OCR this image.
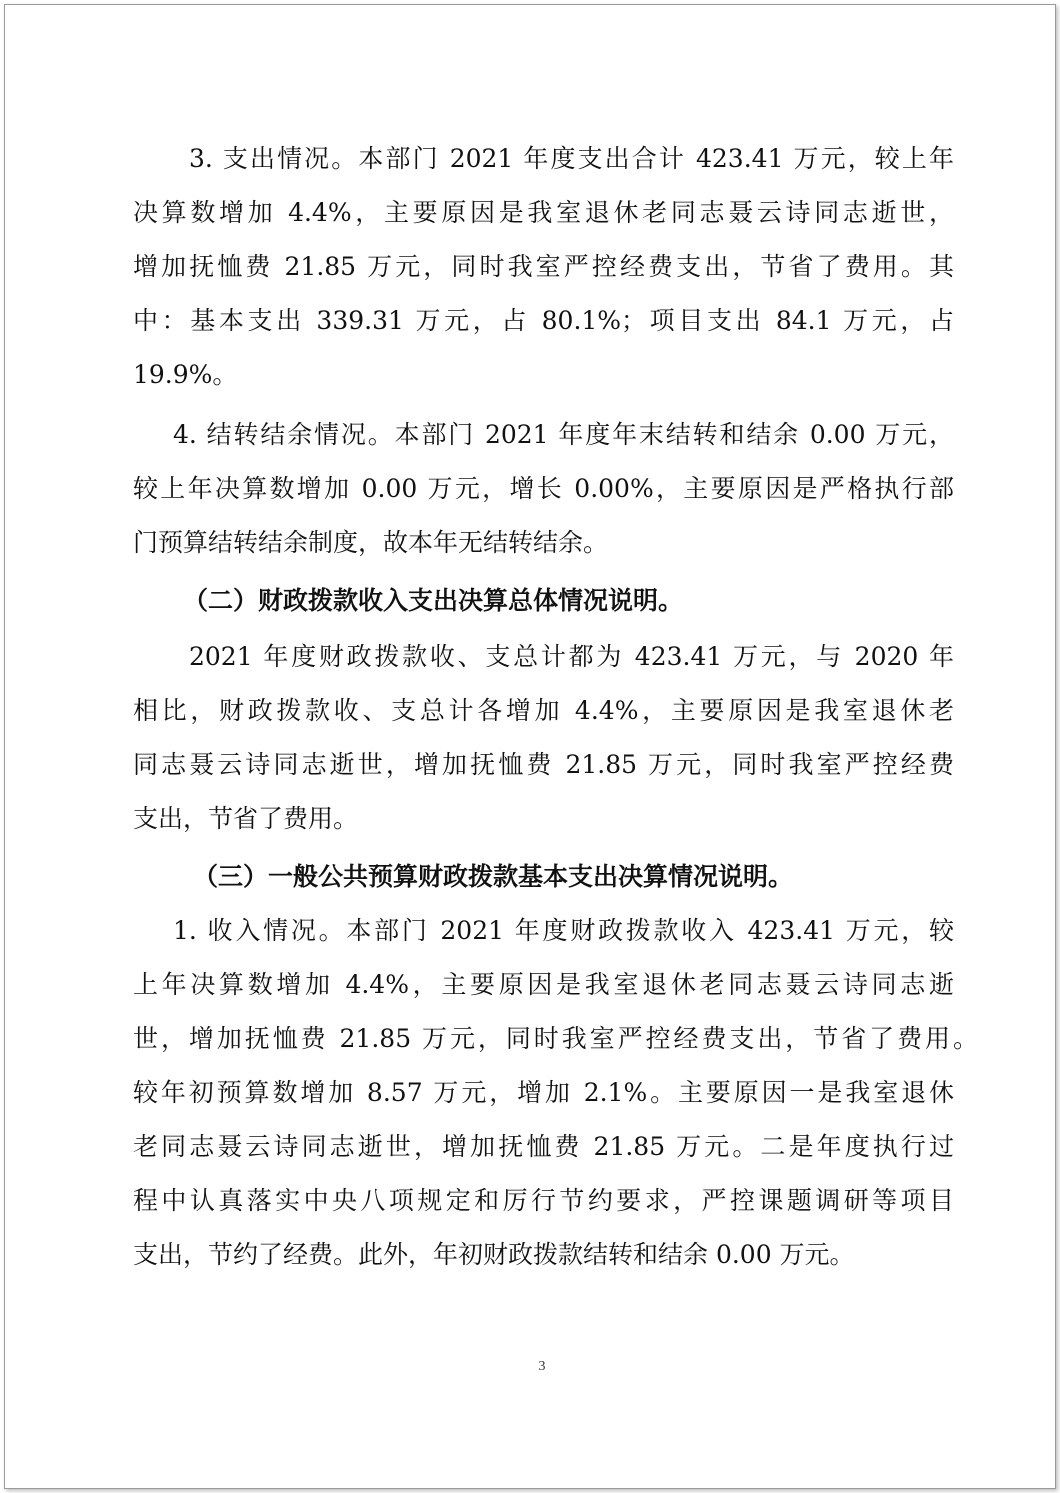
3. 支出情况。本部门 2021 年度支出合计 423.41 万元，较上年
决算数增加 4.4%，主要原因是我室退休老同志聂云诗同志逝世，
增加抚恤费 21.85 万元，同时我室严控经费支出，节省了费用。其
中：基本支出 339.31 万元，占 80.1%；项目支出 84.1 万元，占
19.9%。
4. 结转结余情况。本部门 2021 年度年末结转和结余 0.00 万元，
较上年决算数增加 0.00 万元，增长 0.00%，主要原因是严格执行部
门预算结转结余制度，故本年无结转结余。
（二）财政拨款收入支出决算总体情况说明。
2021 年度财政拨款收、支总计都为 423.41 万元，与 2020 年
相比，财政拨款收、支总计各增加 4.4%，主要原因是我室退休老
同志聂云诗同志逝世，增加抚恤费 21.85 万元，同时我室严控经费
支出，节省了费用。
（三）一般公共预算财政拨款基本支出决算情况说明。
1. 收入情况。本部门 2021 年度财政拨款收入 423.41 万元，较
上年决算数增加 4.4%，主要原因是我室退休老同志聂云诗同志逝
世，增加抚恤费 21.85 万元，同时我室严控经费支出，节省了费用。
较年初预算数增加 8.57 万元，增加 2.1%。主要原因一是我室退休
老同志聂云诗同志逝世，增加抚恤费 21.85 万元。二是年度执行过
程中认真落实中央八项规定和厉行节约要求，严控课题调研等项目
支出，节约了经费。此外，年初财政拨款结转和结余 0.00 万元。
3
